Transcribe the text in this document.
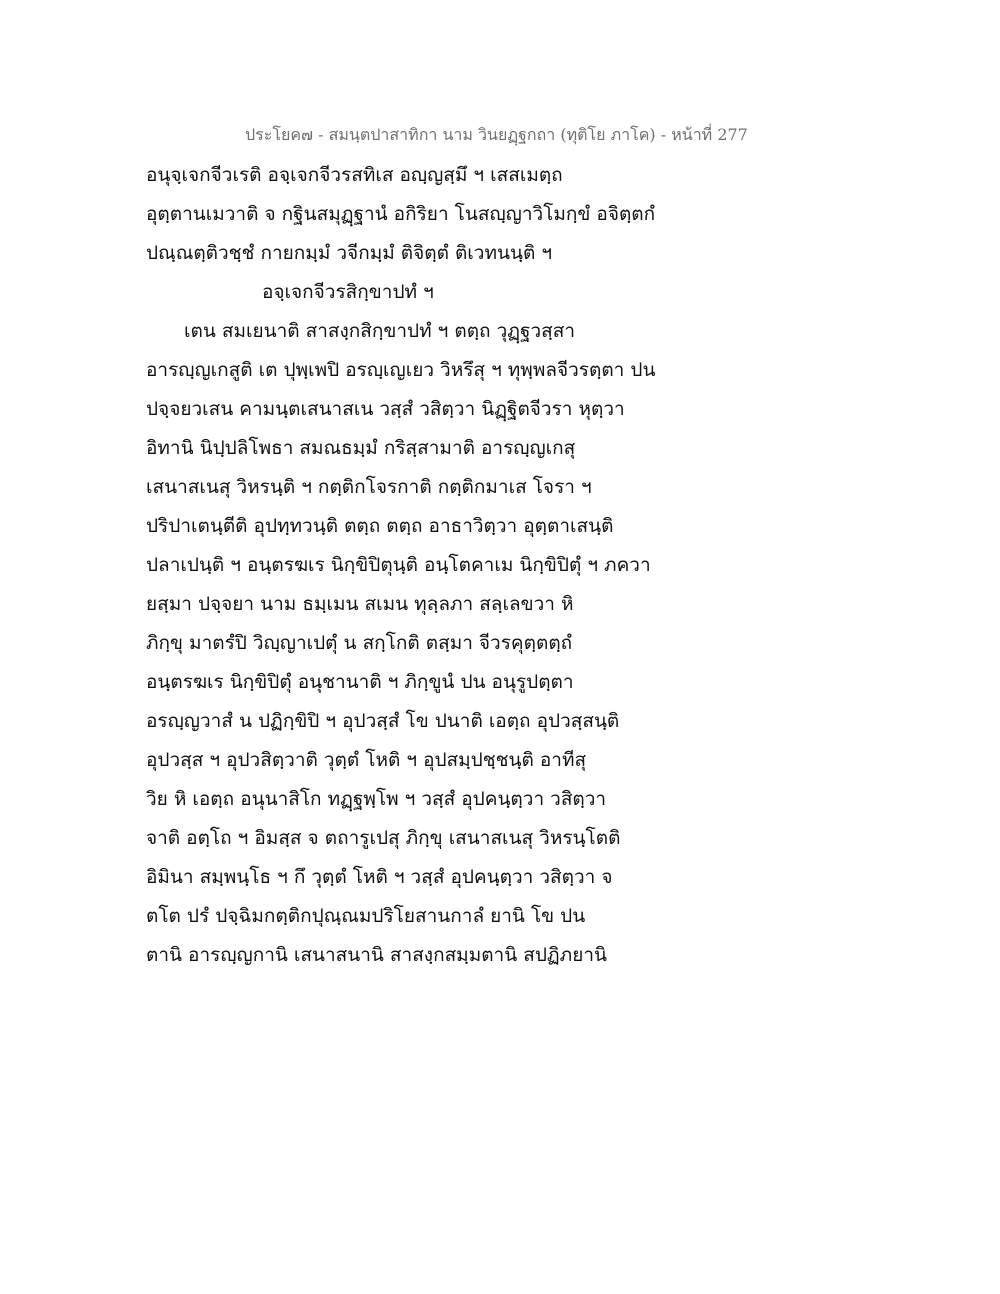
ประโยค๗ - สมนฺตปาสาทิกา นาม วินยฏฺฐกถา (ทุติโย ภาโค) - หน้าที่ 277
อนุจฺเจกจีวเรติ อจฺเจกจีวรสทิเส อญฺญสฺมึ ฯ เสสเมตฺถ
อุตฺตานเมวาติ จ กฐินสมุฏฺฐานํ อกิริยา โนสญฺญาวิโมกฺขํ อจิตฺตกํ
ปณฺณตฺติวชฺชํ กายกมฺมํ วจีกมฺมํ ติจิตฺตํ ติเวทนนฺติ ฯ
อจฺเจกจีวรสิกฺขาปทํ ฯ
เตน สมเยนาติ สาสงฺกสิกฺขาปทํ ฯ ตตฺถ วุฏฺฐวสฺสา
อารญฺญเกสูติ เต ปุพฺเพปิ อรญฺเญเยว วิหรึสุ ฯ ทุพฺพลจีวรตฺตา ปน
ปจฺจยวเสน คามนฺตเสนาสเน วสฺสํ วสิตฺวา นิฏฺฐิตจีวรา หุตฺวา
อิทานิ นิปฺปลิโพธา สมณธมฺมํ กริสฺสามาติ อารญฺญเกสุ
เสนาสเนสุ วิหรนฺติ ฯ กตฺติกโจรกาติ กตฺติกมาเส โจรา ฯ
ปริปาเตนฺตีติ อุปทฺทวนฺติ ตตฺถ ตตฺถ อาธาวิตฺวา อุตฺตาเสนฺติ
ปลาเปนฺติ ฯ อนฺตรฆเร นิกฺขิปิตุนฺติ อนฺโตคาเม นิกฺขิปิตุํ ฯ ภควา
ยสฺมา ปจฺจยา นาม ธมฺเมน สเมน ทุลฺลภา สลฺเลขวา หิ
ภิกฺขุ มาตรํปิ วิญฺญาเปตุํ น สกฺโกติ ตสฺมา จีวรคุตฺตตฺถํ
อนฺตรฆเร นิกฺขิปิตุํ อนุชานาติ ฯ ภิกฺขูนํ ปน อนุรูปตฺตา
อรญฺญวาสํ น ปฏิกฺขิปิ ฯ อุปวสฺสํ โข ปนาติ เอตฺถ อุปวสฺสนฺติ
อุปวสฺส ฯ อุปวสิตฺวาติ วุตฺตํ โหติ ฯ อุปสมฺปชฺชนฺติ อาทีสุ
วิย หิ เอตฺถ อนุนาสิโก ทฏฺฐพฺโพ ฯ วสฺสํ อุปคนฺตฺวา วสิตฺวา
จาติ อตฺโถ ฯ อิมสฺส จ ตถารูเปสุ ภิกฺขุ เสนาสเนสุ วิหรนฺโตติ
อิมินา สมฺพนฺโธ ฯ กึ วุตฺตํ โหติ ฯ วสฺสํ อุปคนฺตฺวา วสิตฺวา จ
ตโต ปรํ ปจฺฉิมกตฺติกปุณฺณมปริโยสานกาลํ ยานิ โข ปน
ตานิ อารญฺญกานิ เสนาสนานิ สาสงฺกสมฺมตานิ สปฏิภยานิ
